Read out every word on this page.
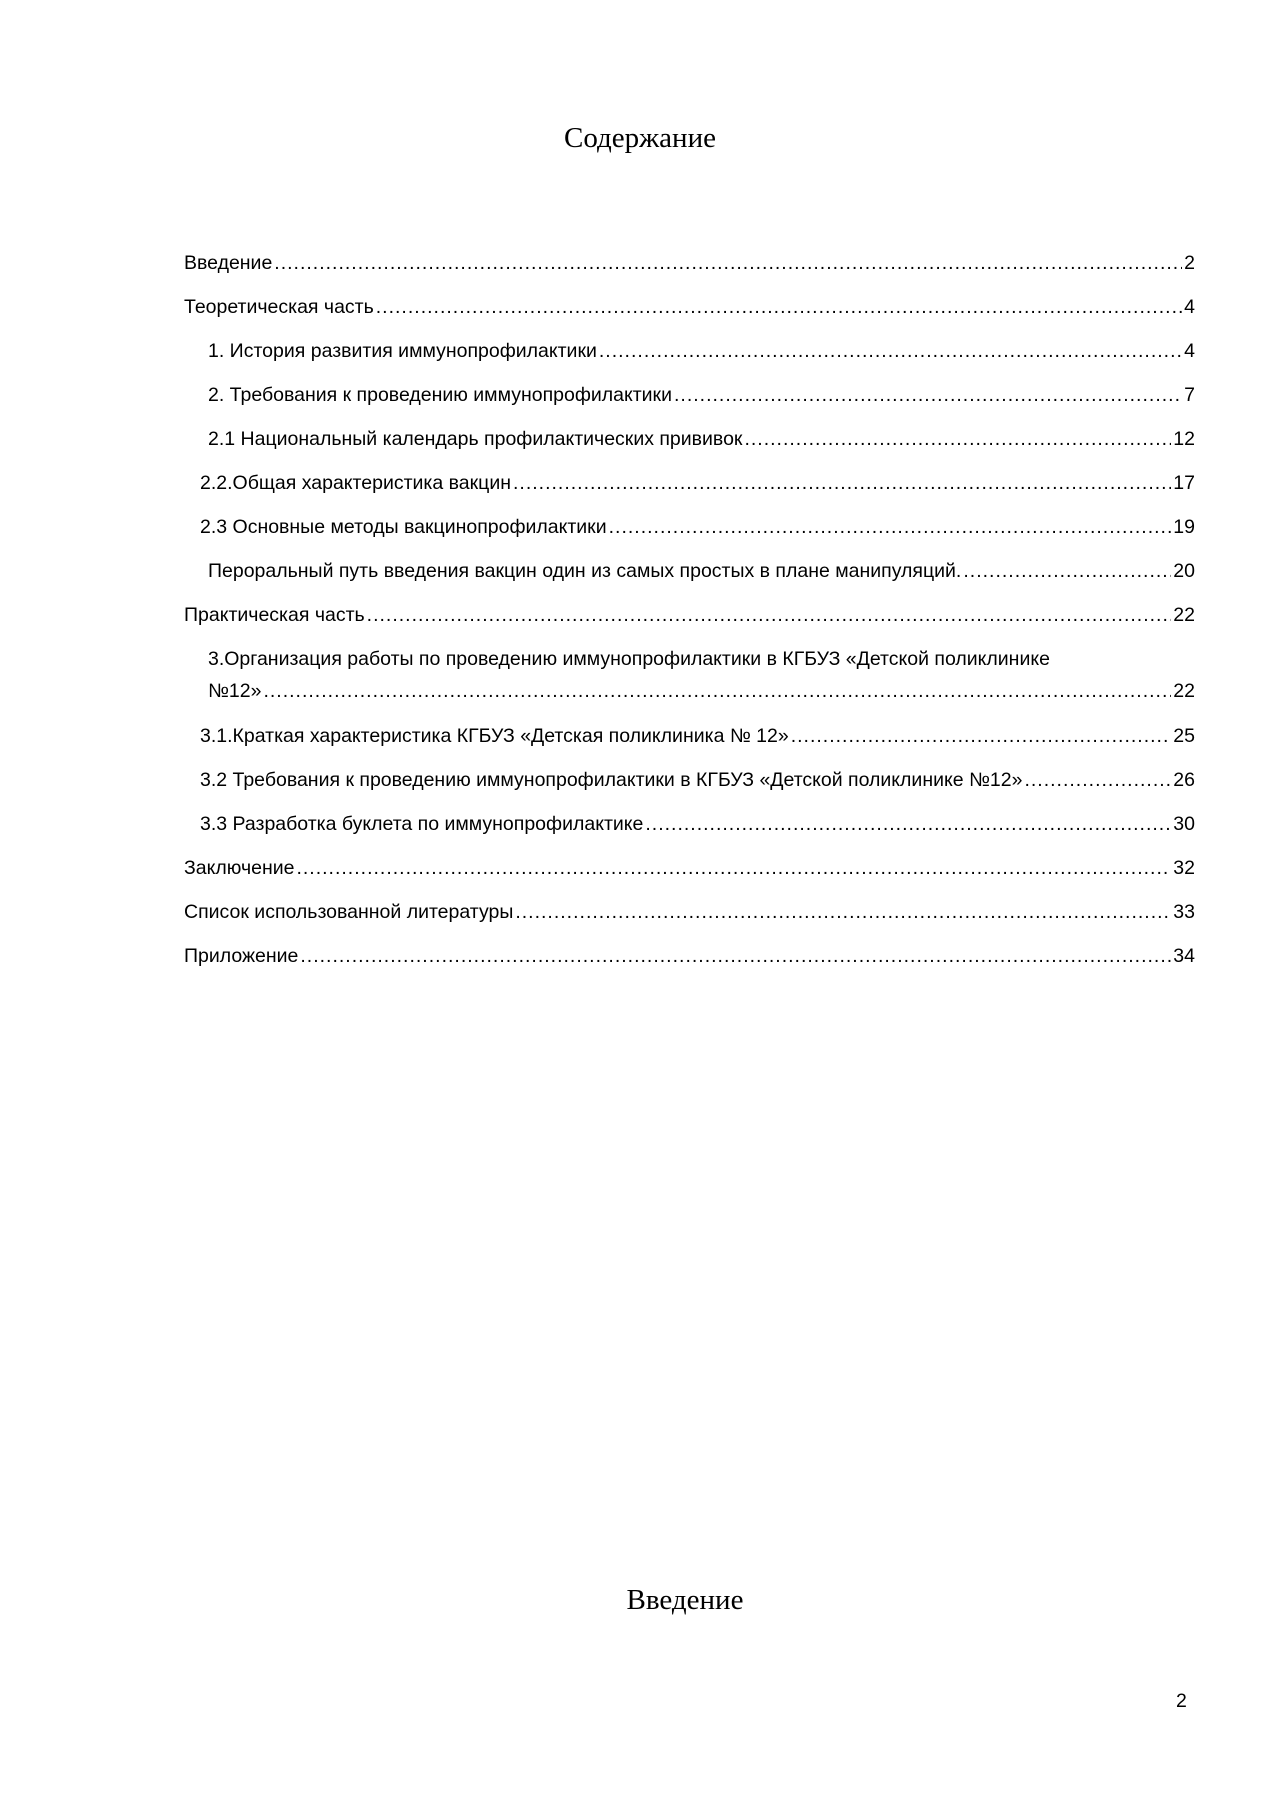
Содержание
Введение .....	2
Теоретическая часть .....	4
1. История развития иммунопрофилактики .....	4
2. Требования к проведению иммунопрофилактики .....	7
2.1 Национальный календарь профилактических прививок .....	12
2.2.Общая характеристика вакцин .....	17
2.3 Основные методы вакцинопрофилактики .....	19
Пероральный путь введения вакцин один из самых простых в плане манипуляций. .....	20
Практическая часть .....	22
3.Организация работы по проведению иммунопрофилактики в КГБУЗ «Детской поликлинике
№12» .....	22
3.1.Краткая характеристика КГБУЗ «Детская поликлиника № 12» .....	25
3.2 Требования к проведению иммунопрофилактики в КГБУЗ «Детской поликлинике №12» .....	26
3.3 Разработка буклета по иммунопрофилактике .....	30
Заключение .....	32
Список использованной литературы .....	33
Приложение .....	34
Введение
2
